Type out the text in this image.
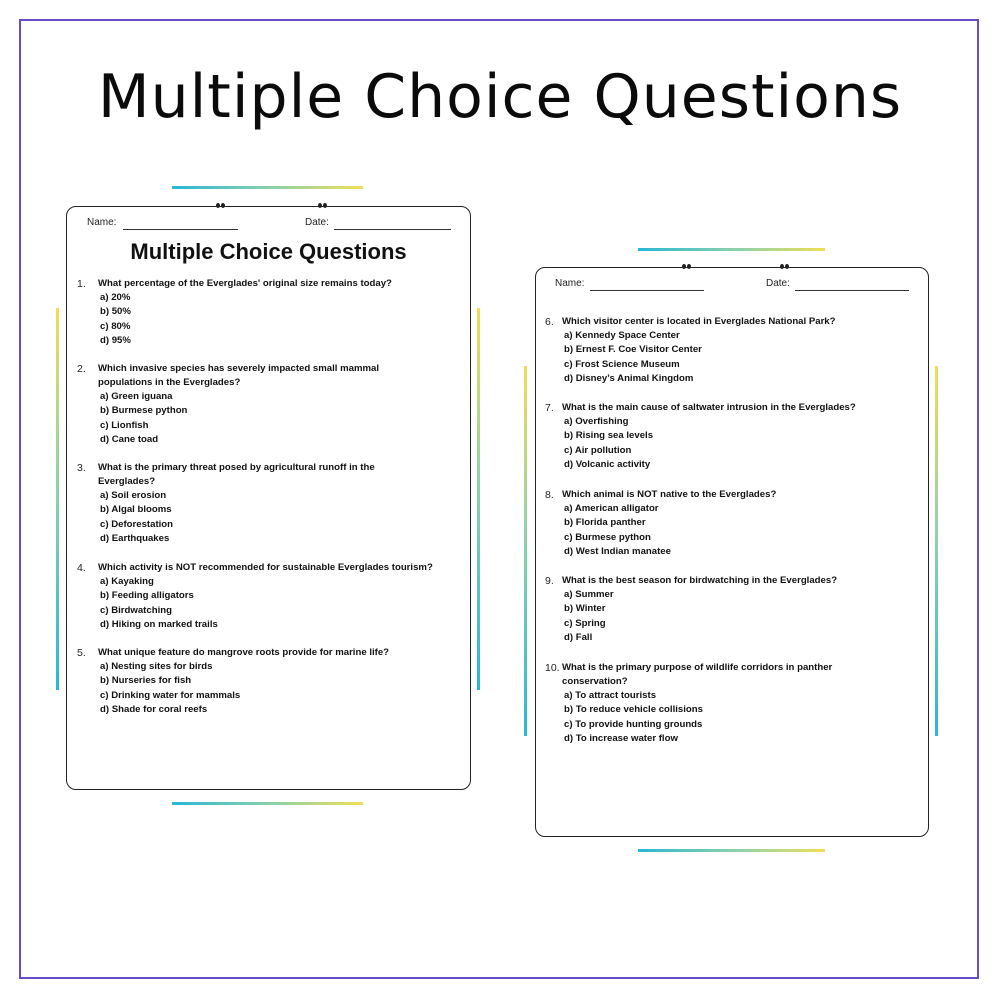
Multiple Choice Questions
Name:	Date:
Multiple Choice Questions
1. What percentage of the Everglades' original size remains today?
a) 20%
b) 50%
c) 80%
d) 95%
2. Which invasive species has severely impacted small mammal populations in the Everglades?
a) Green iguana
b) Burmese python
c) Lionfish
d) Cane toad
3. What is the primary threat posed by agricultural runoff in the Everglades?
a) Soil erosion
b) Algal blooms
c) Deforestation
d) Earthquakes
4. Which activity is NOT recommended for sustainable Everglades tourism?
a) Kayaking
b) Feeding alligators
c) Birdwatching
d) Hiking on marked trails
5. What unique feature do mangrove roots provide for marine life?
a) Nesting sites for birds
b) Nurseries for fish
c) Drinking water for mammals
d) Shade for coral reefs
Name:	Date:
6. Which visitor center is located in Everglades National Park?
a) Kennedy Space Center
b) Ernest F. Coe Visitor Center
c) Frost Science Museum
d) Disney’s Animal Kingdom
7. What is the main cause of saltwater intrusion in the Everglades?
a) Overfishing
b) Rising sea levels
c) Air pollution
d) Volcanic activity
8. Which animal is NOT native to the Everglades?
a) American alligator
b) Florida panther
c) Burmese python
d) West Indian manatee
9. What is the best season for birdwatching in the Everglades?
a) Summer
b) Winter
c) Spring
d) Fall
10. What is the primary purpose of wildlife corridors in panther conservation?
a) To attract tourists
b) To reduce vehicle collisions
c) To provide hunting grounds
d) To increase water flow
